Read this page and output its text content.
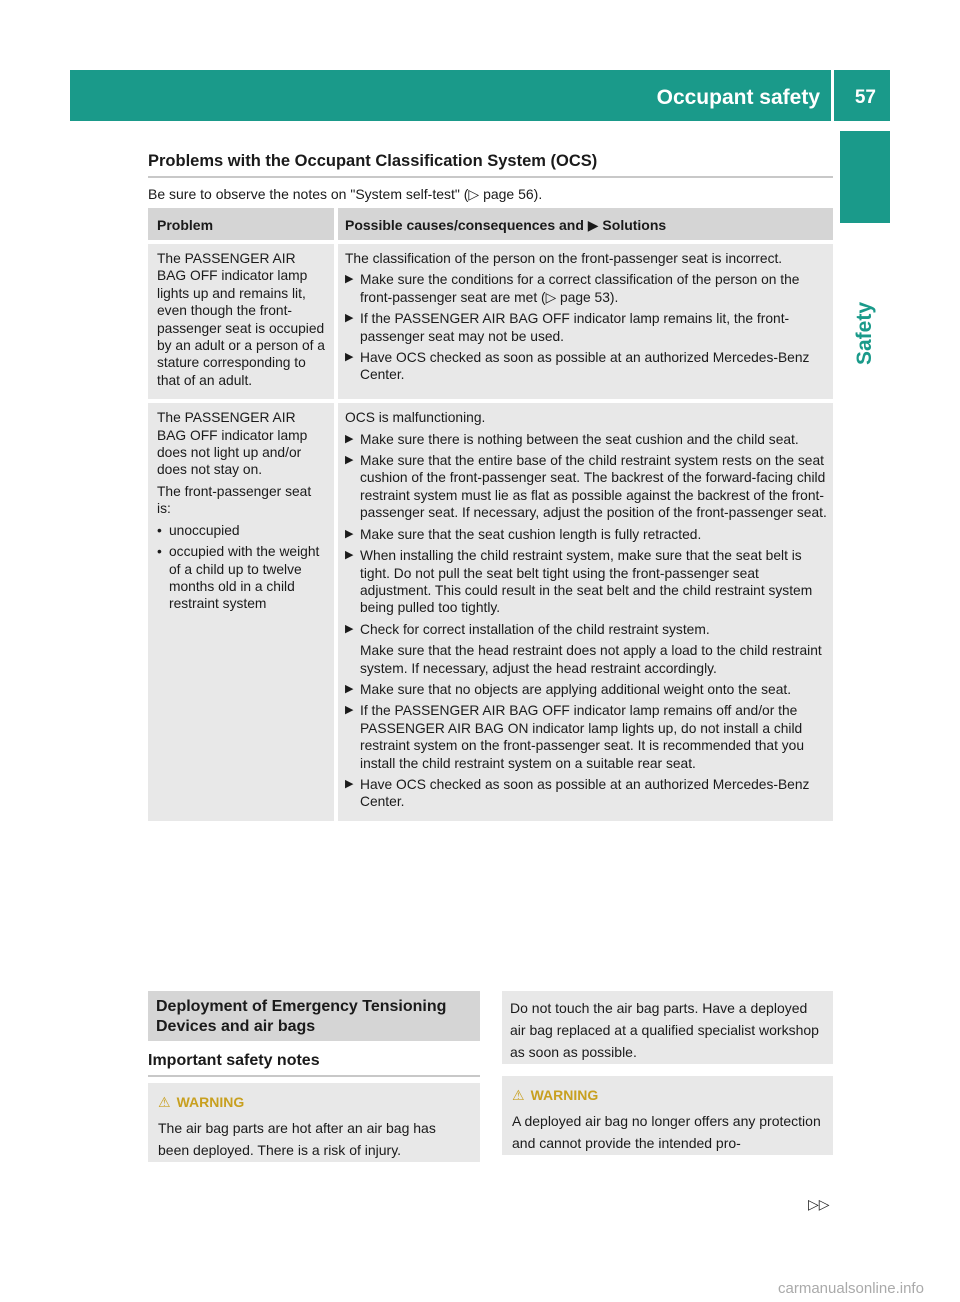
Occupant safety 57
Safety
Problems with the Occupant Classification System (OCS)
Be sure to observe the notes on "System self-test" (▷ page 56).
Problem	Possible causes/consequences and ▶ Solutions

The PASSENGER AIR BAG OFF indicator lamp lights up and remains lit, even though the front-passenger seat is occupied by an adult or a person of a stature corresponding to that of an adult.

The classification of the person on the front-passenger seat is incorrect.

▶ Make sure the conditions for a correct classification of the person on the front-passenger seat are met (▷ page 53).
▶ If the PASSENGER AIR BAG OFF indicator lamp remains lit, the front-passenger seat may not be used.
▶ Have OCS checked as soon as possible at an authorized Mercedes-Benz Center.

The PASSENGER AIR BAG OFF indicator lamp does not light up and/or does not stay on.

The front-passenger seat is:

• unoccupied
• occupied with the weight of a child up to twelve months old in a child restraint system

OCS is malfunctioning.

▶ Make sure there is nothing between the seat cushion and the child seat.
▶ Make sure that the entire base of the child restraint system rests on the seat cushion of the front-passenger seat. The backrest of the forward-facing child restraint system must lie as flat as possible against the backrest of the front-passenger seat. If necessary, adjust the position of the front-passenger seat.
▶ Make sure that the seat cushion length is fully retracted.
▶ When installing the child restraint system, make sure that the seat belt is tight. Do not pull the seat belt tight using the front-passenger seat adjustment. This could result in the seat belt and the child restraint system being pulled too tightly.
▶ Check for correct installation of the child restraint system.

Make sure that the head restraint does not apply a load to the child restraint system. If necessary, adjust the head restraint accordingly.

▶ Make sure that no objects are applying additional weight onto the seat.
▶ If the PASSENGER AIR BAG OFF indicator lamp remains off and/or the PASSENGER AIR BAG ON indicator lamp lights up, do not install a child restraint system on the front-passenger seat. It is recommended that you install the child restraint system on a suitable rear seat.
▶ Have OCS checked as soon as possible at an authorized Mercedes-Benz Center.
Deployment of Emergency Tensioning Devices and air bags
Important safety notes
⚠ WARNING
The air bag parts are hot after an air bag has been deployed. There is a risk of injury.
Do not touch the air bag parts. Have a deployed air bag replaced at a qualified specialist workshop as soon as possible.
⚠ WARNING
A deployed air bag no longer offers any protection and cannot provide the intended pro-
▷▷
carmanualsonline.info
